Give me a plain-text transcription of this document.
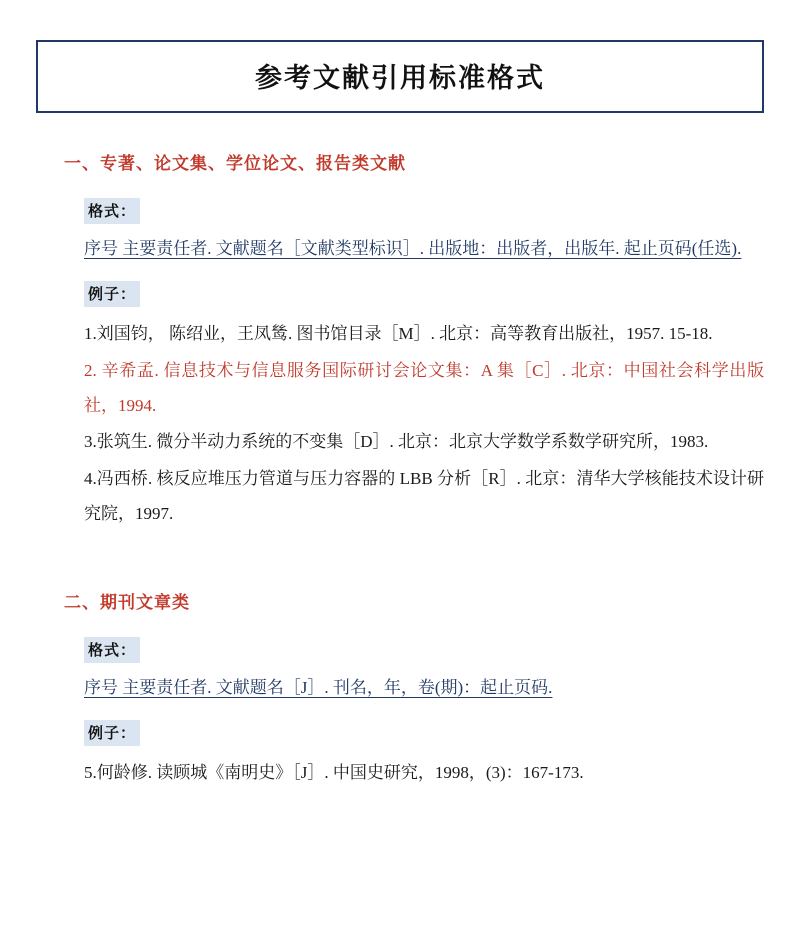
参考文献引用标准格式
一、专著、论文集、学位论文、报告类文献
格式：
序号 主要责任者. 文献题名［文献类型标识］. 出版地：出版者，出版年. 起止页码(任选).
例子：
1.刘国钧， 陈绍业，王凤鸶. 图书馆目录［M］. 北京：高等教育出版社，1957. 15-18.
2. 辛希孟. 信息技术与信息服务国际研讨会论文集：A 集［C］. 北京：中国社会科学出版社，1994.
3.张筑生. 微分半动力系统的不变集［D］. 北京：北京大学数学系数学研究所，1983.
4.冯西桥. 核反应堆压力管道与压力容器的 LBB 分析［R］. 北京：清华大学核能技术设计研究院，1997.
二、期刊文章类
格式：
序号 主要责任者. 文献题名［J］. 刊名，年，卷(期)：起止页码.
例子：
5.何龄修. 读顾城《南明史》［J］. 中国史研究，1998，(3)：167-173.
